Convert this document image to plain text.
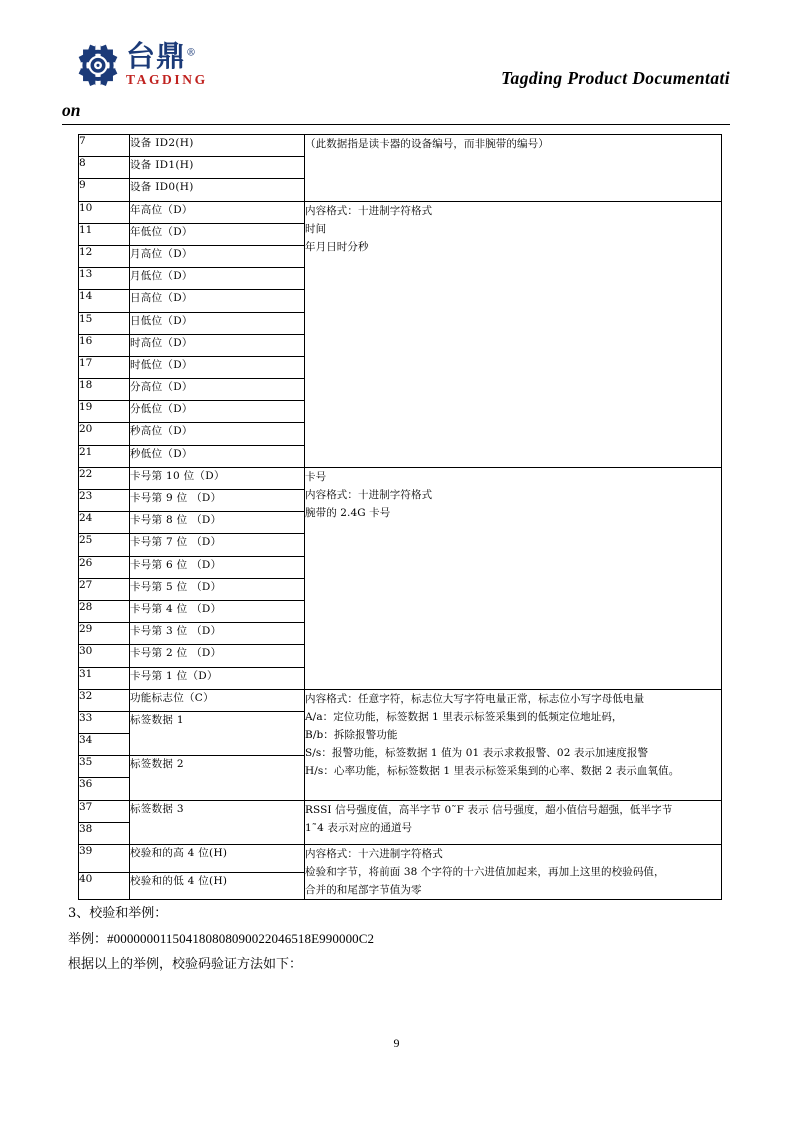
台鼎®
TAGDING	Tagding Product Documentati
on
7	设备 ID2(H)	（此数据指是读卡器的设备编号，而非腕带的编号）

8	设备 ID1(H)	
9	设备 ID0(H)	
10	年高位（D）	内容格式：十进制字符格式
时间
年月日时分秒

11	年低位（D）	
12	月高位（D）	
13	月低位（D）	
14	日高位（D）	
15	日低位（D）	
16	时高位（D）	
17	时低位（D）	
18	分高位（D）	
19	分低位（D）	
20	秒高位（D）	
21	秒低位（D）	
22	卡号第 10 位（D）	卡号
内容格式：十进制字符格式
腕带的 2.4G 卡号

23	卡号第 9 位 （D）	
24	卡号第 8 位 （D）	
25	卡号第 7 位 （D）	
26	卡号第 6 位 （D）	
27	卡号第 5 位 （D）	
28	卡号第 4 位 （D）	
29	卡号第 3 位 （D）	
30	卡号第 2 位 （D）	
31	卡号第 1 位（D）	
32	功能标志位（C）	内容格式：任意字符，标志位大写字符电量正常，标志位小写字母低电量
A/a：定位功能，标签数据 1 里表示标签采集到的低频定位地址码，
B/b：拆除报警功能
S/s：报警功能，标签数据 1 值为 01 表示求救报警、02 表示加速度报警
H/s：心率功能，标标签数据 1 里表示标签采集到的心率、数据 2 表示血氧值。

33	标签数据 1	
34		
35	标签数据 2	
36		
37	标签数据 3	RSSI 信号强度值，高半字节 0˜F 表示 信号强度，超小值信号超强，低半字节
1˜4 表示对应的通道号

38		
39	校验和的高 4 位(H)	内容格式：十六进制字符格式
检验和字节，将前面 38 个字符的十六进值加起来，再加上这里的校验码值，
合并的和尾部字节值为零

40	校验和的低 4 位(H)	

3、校验和举例：

举例：#000000011504180808090022046518E990000C2

根据以上的举例，校验码验证方法如下：

9
